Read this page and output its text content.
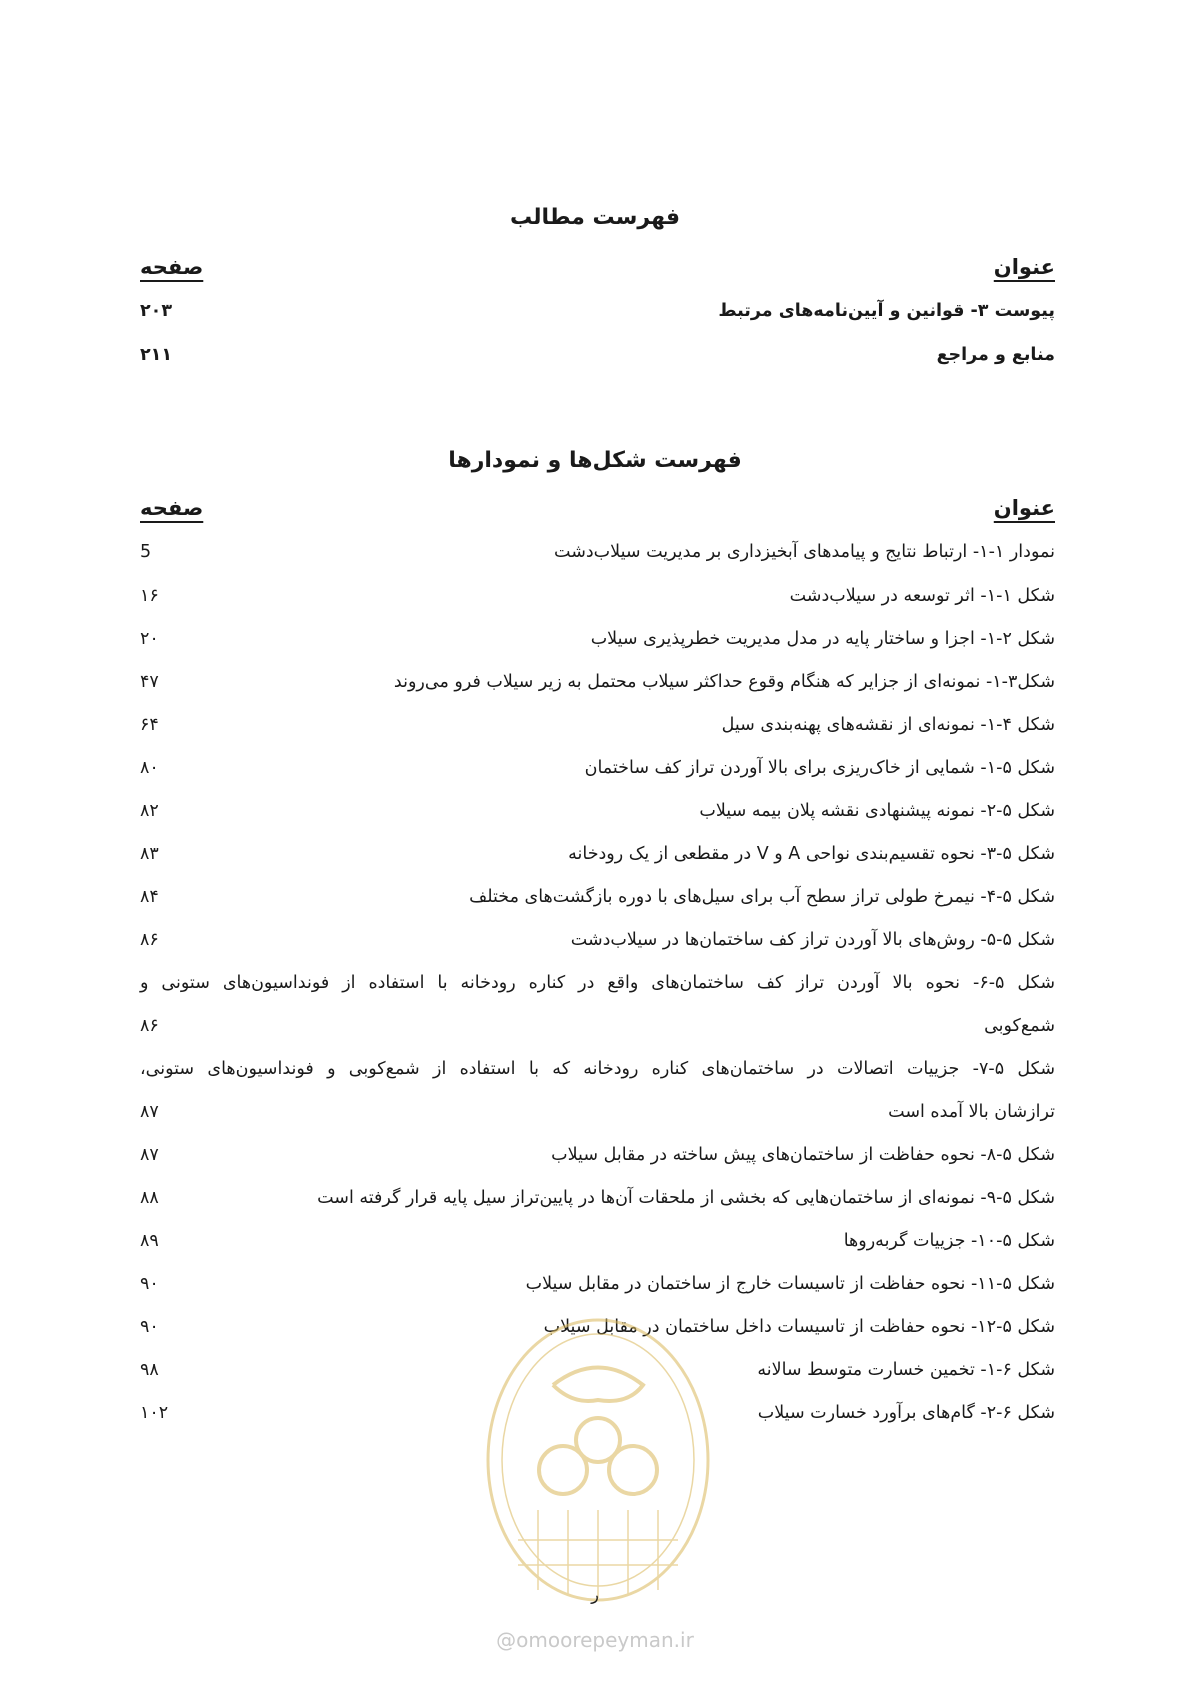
فهرست مطالب
عنوان
صفحه
پیوست ۳- قوانین و آیین‌نامه‌های مرتبط
۲۰۳
منابع و مراجع
۲۱۱
فهرست شکل‌ها و نمودارها
عنوان
صفحه
نمودار ۱-۱- ارتباط نتایج و پیامدهای آبخیزداری بر مدیریت سیلاب‌دشت
5
شکل ۱-۱- اثر توسعه در سیلاب‌دشت
۱۶
شکل ۲-۱- اجزا و ساختار پایه در مدل مدیریت خطرپذیری سیلاب
۲۰
شکل۳-۱- نمونه‌ای از جزایر که هنگام وقوع حداکثر سیلاب محتمل به زیر سیلاب فرو می‌روند
۴۷
شکل ۴-۱- نمونه‌ای از نقشه‌های پهنه‌بندی سیل
۶۴
شکل ۵-۱- شمایی از خاک‌ریزی برای بالا آوردن تراز کف ساختمان
۸۰
شکل ۵-۲- نمونه پیشنهادی نقشه پلان بیمه سیلاب
۸۲
شکل ۵-۳- نحوه تقسیم‌بندی نواحی A و V در مقطعی از یک رودخانه
۸۳
شکل ۵-۴- نیمرخ طولی تراز سطح آب برای سیل‌های با دوره بازگشت‌های مختلف
۸۴
شکل ۵-۵- روش‌های بالا آوردن تراز کف ساختمان‌ها در سیلاب‌دشت
۸۶
شکل ۵-۶- نحوه بالا آوردن تراز کف ساختمان‌های واقع در کناره رودخانه با استفاده از فونداسیون‌های ستونی و
شمع‌کوبی
۸۶
شکل ۵-۷- جزییات اتصالات در ساختمان‌های کناره رودخانه که با استفاده از شمع‌کوبی و فونداسیون‌های ستونی،
ترازشان بالا آمده است
۸۷
شکل ۵-۸- نحوه حفاظت از ساختمان‌های پیش ساخته در مقابل سیلاب
۸۷
شکل ۵-۹- نمونه‌ای از ساختمان‌هایی که بخشی از ملحقات آن‌ها در پایین‌تراز سیل پایه قرار گرفته است
۸۸
شکل ۵-۱۰- جزییات گربه‌روها
۸۹
شکل ۵-۱۱- نحوه حفاظت از تاسیسات خارج از ساختمان در مقابل سیلاب
۹۰
شکل ۵-۱۲- نحوه حفاظت از تاسیسات داخل ساختمان در مقابل سیلاب
۹۰
شکل ۶-۱- تخمین خسارت متوسط سالانه
۹۸
شکل ۶-۲- گام‌های برآورد خسارت سیلاب
۱۰۲
ر
@omoorepeyman.ir
